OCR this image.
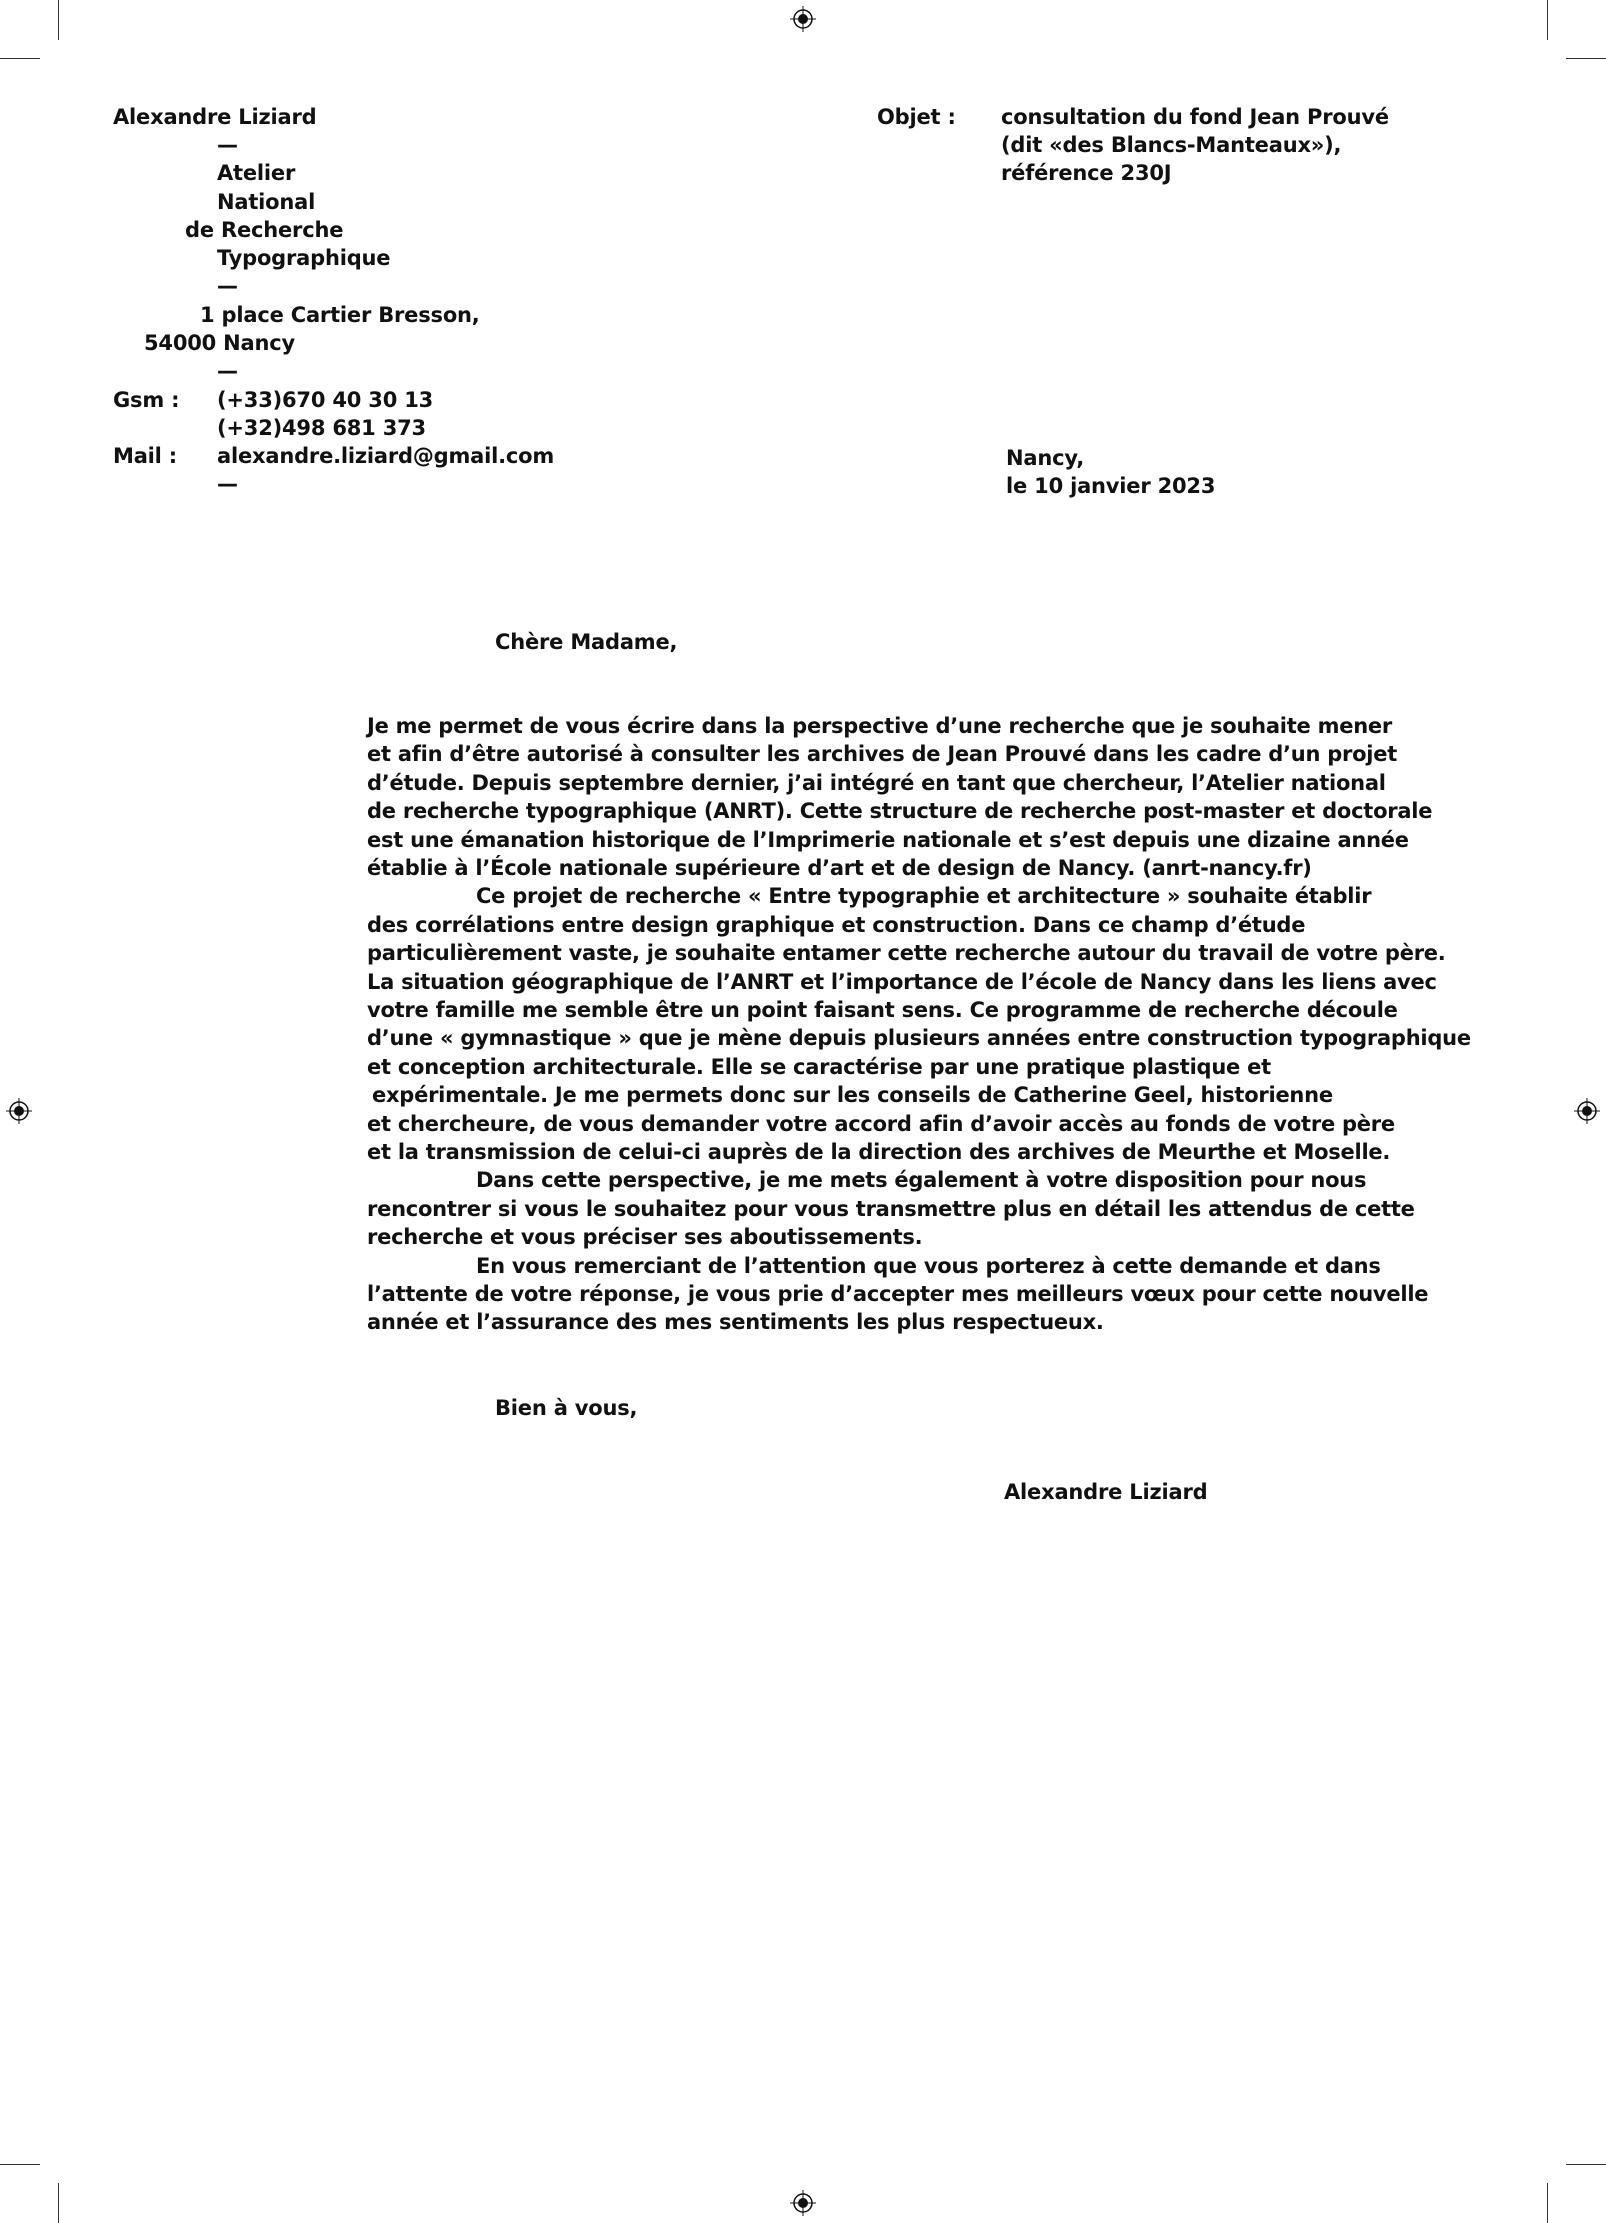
Alexandre Liziard
—
Atelier
National
de Recherche
Typographique
—
1 place Cartier Bresson,
54000 Nancy
—
Gsm : (+33)670 40 30 13
(+32)498 681 373
Mail : alexandre.liziard@gmail.com
—
Objet : consultation du fond Jean Prouvé
(dit «des Blancs-Manteaux»),
référence 230J
Nancy,
le 10 janvier 2023
Chère Madame,
Je me permet de vous écrire dans la perspective d’une recherche que je souhaite mener
et afin d’être autorisé à consulter les archives de Jean Prouvé dans les cadre d’un projet
d’étude. Depuis septembre dernier, j’ai intégré en tant que chercheur, l’Atelier national
de recherche typographique (ANRT). Cette structure de recherche post-master et doctorale
est une émanation historique de l’Imprimerie nationale et s’est depuis une dizaine année
établie à l’École nationale supérieure d’art et de design de Nancy. (anrt-nancy.fr)
Ce projet de recherche « Entre typographie et architecture » souhaite établir
des corrélations entre design graphique et construction. Dans ce champ d’étude
particulièrement vaste, je souhaite entamer cette recherche autour du travail de votre père.
La situation géographique de l’ANRT et l’importance de l’école de Nancy dans les liens avec
votre famille me semble être un point faisant sens. Ce programme de recherche découle
d’une « gymnastique » que je mène depuis plusieurs années entre construction typographique
et conception architecturale. Elle se caractérise par une pratique plastique et
expérimentale. Je me permets donc sur les conseils de Catherine Geel, historienne
et chercheure, de vous demander votre accord afin d’avoir accès au fonds de votre père
et la transmission de celui-ci auprès de la direction des archives de Meurthe et Moselle.
Dans cette perspective, je me mets également à votre disposition pour nous
rencontrer si vous le souhaitez pour vous transmettre plus en détail les attendus de cette
recherche et vous préciser ses aboutissements.
En vous remerciant de l’attention que vous porterez à cette demande et dans
l’attente de votre réponse, je vous prie d’accepter mes meilleurs vœux pour cette nouvelle
année et l’assurance des mes sentiments les plus respectueux.
Bien à vous,
Alexandre Liziard
